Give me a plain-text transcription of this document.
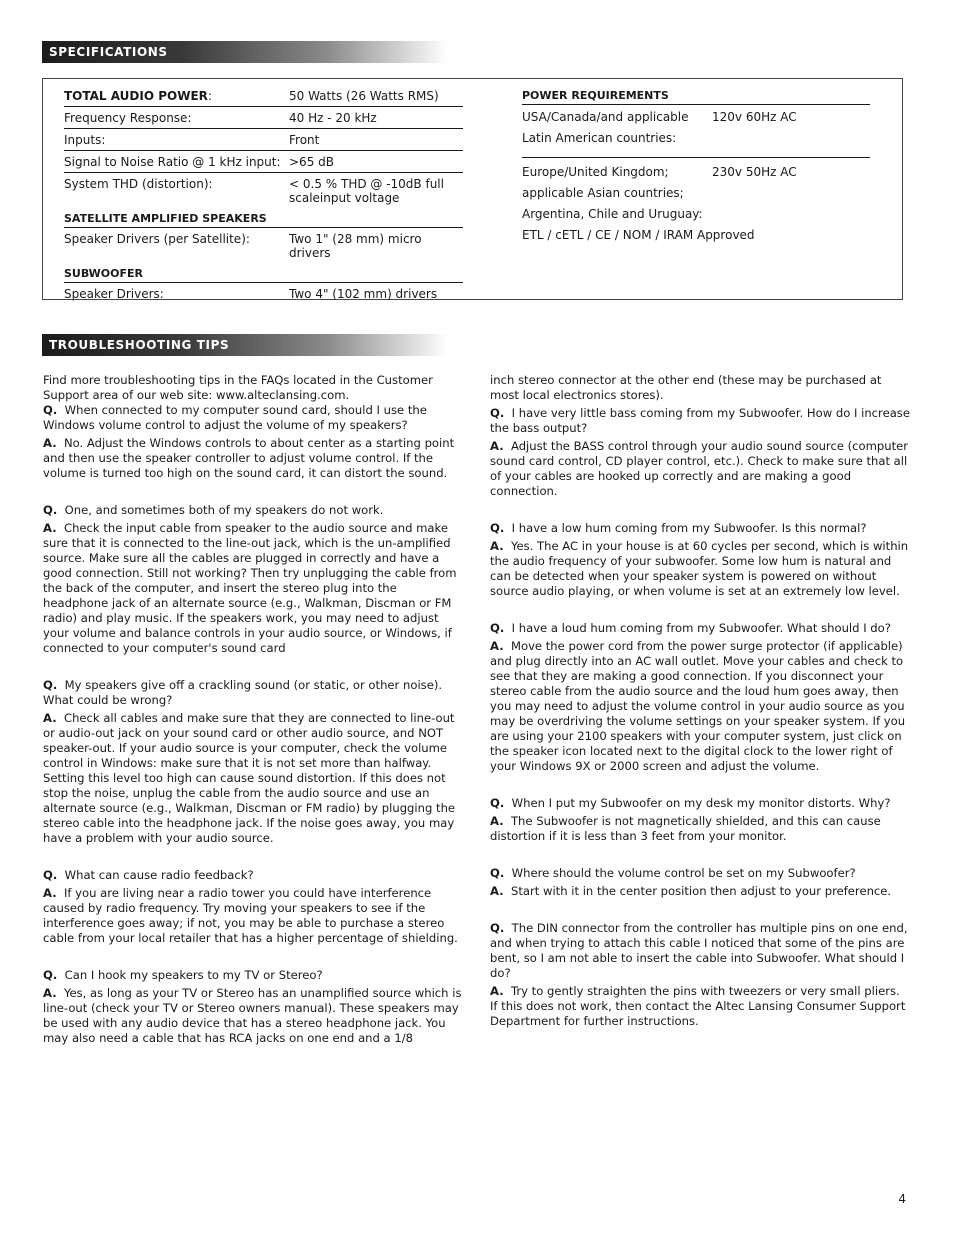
SPECIFICATIONS
TOTAL AUDIO POWER:	50 Watts (26 Watts RMS)
Frequency Response:	40 Hz - 20 kHz
Inputs:	Front
Signal to Noise Ratio @ 1 kHz input: >65 dB
System THD (distortion):	< 0.5 % THD @ -10dB full scaleinput voltage
SATELLITE AMPLIFIED SPEAKERS
Speaker Drivers (per Satellite):	Two 1" (28 mm) micro drivers
SUBWOOFER
Speaker Drivers:	Two 4" (102 mm) drivers
POWER REQUIREMENTS
USA/Canada/and applicable	120v 60Hz AC
Latin American countries:
Europe/United Kingdom;	230v 50Hz AC
applicable Asian countries;
Argentina, Chile and Uruguay:
ETL / cETL / CE / NOM / IRAM Approved
TROUBLESHOOTING TIPS

Find more troubleshooting tips in the FAQs located in the Customer Support area of our web site: www.alteclansing.com.

Q. When connected to my computer sound card, should I use the Windows volume control to adjust the volume of my speakers?

A. No. Adjust the Windows controls to about center as a starting point and then use the speaker controller to adjust volume control. If the volume is turned too high on the sound card, it can distort the sound.

Q. One, and sometimes both of my speakers do not work.

A. Check the input cable from speaker to the audio source and make sure that it is connected to the line-out jack, which is the un-amplified source. Make sure all the cables are plugged in correctly and have a good connection. Still not working? Then try unplugging the cable from the back of the computer, and insert the stereo plug into the headphone jack of an alternate source (e.g., Walkman, Discman or FM radio) and play music. If the speakers work, you may need to adjust your volume and balance controls in your audio source, or Windows, if connected to your computer's sound card

Q. My speakers give off a crackling sound (or static, or other noise). What could be wrong?

A. Check all cables and make sure that they are connected to line-out or audio-out jack on your sound card or other audio source, and NOT speaker-out. If your audio source is your computer, check the volume control in Windows: make sure that it is not set more than halfway. Setting this level too high can cause sound distortion. If this does not stop the noise, unplug the cable from the audio source and use an alternate source (e.g., Walkman, Discman or FM radio) by plugging the stereo cable into the headphone jack. If the noise goes away, you may have a problem with your audio source.

Q. What can cause radio feedback?

A.  If you are living near a radio tower you could have interference caused by radio frequency. Try moving your speakers to see if the interference goes away; if not, you may be able to purchase a stereo cable from your local retailer that has a higher percentage of shielding.

Q. Can I hook my speakers to my TV or Stereo?

A. Yes, as long as your TV or Stereo has an unamplified source which is line-out (check your TV or Stereo owners manual). These speakers may be used with any audio device that has a stereo headphone jack. You may also need a cable that has RCA jacks on one end and a 1/8

inch stereo connector at the other end (these may be purchased at most local electronics stores).

Q. I have very little bass coming from my Subwoofer. How do I increase the bass output?

A.  Adjust the BASS control through your audio sound source (computer sound card control, CD player control, etc.). Check to make sure that all of your cables are hooked up correctly and are making a good connection.

Q.  I have a low hum coming from my Subwoofer. Is this normal?

A.  Yes. The AC in your house is at 60 cycles per second, which is within the audio frequency of your subwoofer. Some low hum is natural and can be detected when your speaker system is powered on without source audio playing, or when volume is set at an extremely low level.

Q. I have a loud hum coming from my Subwoofer. What should I do?

A.  Move the power cord from the power surge protector (if applicable) and plug directly into an AC wall outlet. Move your cables and check to see that they are making a good connection. If you disconnect your stereo cable from the audio source and the loud hum goes away, then you may need to adjust the volume control in your audio source as you may be overdriving the volume settings on your speaker system. If you are using your 2100 speakers with your computer system, just click on the speaker icon located next to the digital clock to the lower right of your Windows 9X or 2000 screen and adjust the volume.

Q.  When I put my Subwoofer on my desk my monitor distorts. Why?

A.  The Subwoofer is not magnetically shielded, and this can cause distortion if it is less than 3 feet from your monitor.

Q. Where should the volume control be set on my Subwoofer?

A. Start with it in the center position then adjust to your preference.

Q. The DIN connector from the controller has multiple pins on one end, and when trying to attach this cable I noticed that some of the pins are bent, so I am not able to insert the cable into Subwoofer. What should I do?

A.  Try to gently straighten the pins with tweezers or very small pliers. If this does not work, then contact the Altec Lansing Consumer Support Department for further instructions.

4
